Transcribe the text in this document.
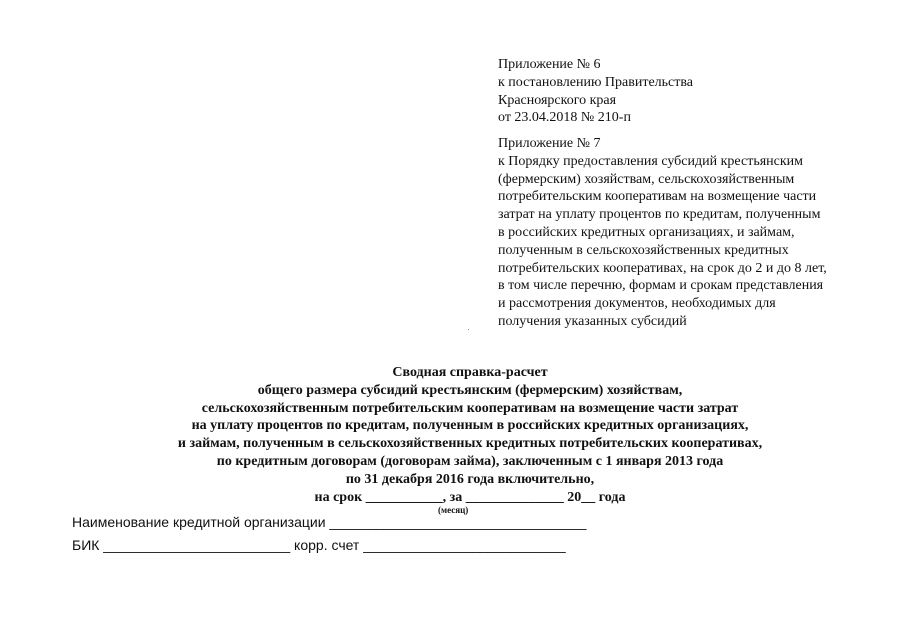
Приложение № 6
к постановлению Правительства
Красноярского края
от 23.04.2018 № 210-п
Приложение № 7
к Порядку предоставления субсидий крестьянским
(фермерским) хозяйствам, сельскохозяйственным
потребительским кооперативам на возмещение части
затрат на уплату процентов по кредитам, полученным
в российских кредитных организациях, и займам,
полученным в сельскохозяйственных кредитных
потребительских кооперативах, на срок до 2 и до 8 лет,
в том числе перечню, формам и срокам представления
и рассмотрения документов, необходимых для
получения указанных субсидий
Сводная справка-расчет
общего размера субсидий крестьянским (фермерским) хозяйствам,
сельскохозяйственным потребительским кооперативам на возмещение части затрат
на уплату процентов по кредитам, полученным в российских кредитных организациях,
и займам, полученным в сельскохозяйственных кредитных потребительских кооперативах,
по кредитным договорам (договорам займа), заключенным с 1 января 2013 года
по 31 декабря 2016 года включительно,
на срок ___________, за ______________ 20__ года
(месяц)
Наименование кредитной организации _________________________________
БИК ________________________ корр. счет __________________________
